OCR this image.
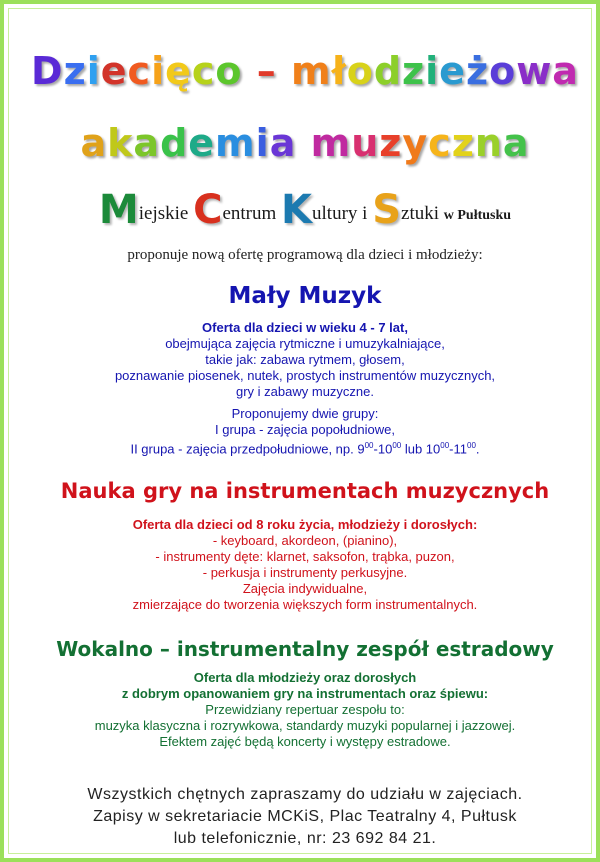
Dziecięco – młodzieżowa
akademia muzyczna
Miejskie Centrum Kultury i Sztuki w Pułtusku
proponuje nową ofertę programową dla dzieci i młodzieży:
Mały Muzyk
Oferta dla dzieci w wieku 4 - 7 lat,
obejmująca zajęcia rytmiczne i umuzykalniające,
takie jak: zabawa rytmem, głosem,
poznawanie piosenek, nutek, prostych instrumentów muzycznych,
gry i zabawy muzyczne.
Proponujemy dwie grupy:
I grupa - zajęcia popołudniowe,
II grupa - zajęcia przedpołudniowe, np. $9^{00}-10^{00}$ lub $10^{00}-11^{00}$.
Nauka gry na instrumentach muzycznych
Oferta dla dzieci od 8 roku życia, młodzieży i dorosłych:
- keyboard, akordeon, (pianino),
- instrumenty dęte: klarnet, saksofon, trąbka, puzon,
- perkusja i instrumenty perkusyjne.
Zajęcia indywidualne,
zmierzające do tworzenia większych form instrumentalnych.
Wokalno – instrumentalny zespół estradowy
Oferta dla młodzieży oraz dorosłych
z dobrym opanowaniem gry na instrumentach oraz śpiewu:
Przewidziany repertuar zespołu to:
muzyka klasyczna i rozrywkowa, standardy muzyki popularnej i jazzowej.
Efektem zajęć będą koncerty i występy estradowe.
Wszystkich chętnych zapraszamy do udziału w zajęciach.
Zapisy w sekretariacie MCKiS, Plac Teatralny 4, Pułtusk
lub telefonicznie, nr: 23 692 84 21.
